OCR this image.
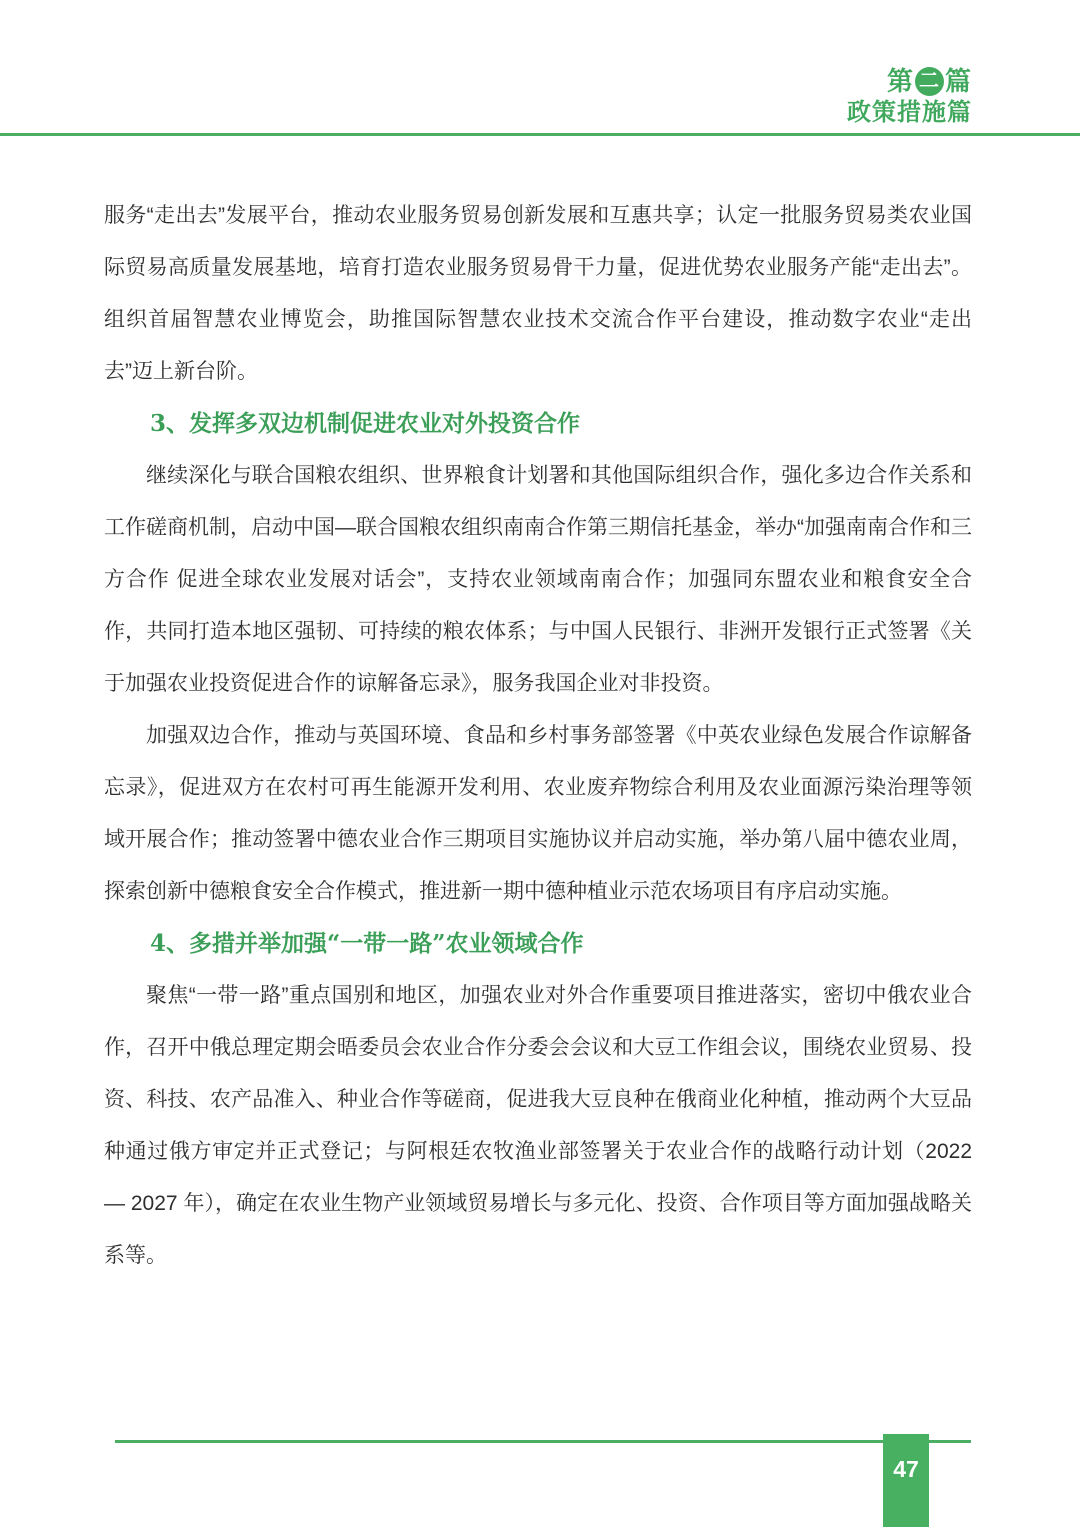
第 二 篇
政策措施篇

服务“走出去”发展平台，推动农业服务贸易创新发展和互惠共享；认定一批服务贸易类农业国际贸易高质量发展基地，培育打造农业服务贸易骨干力量，促进优势农业服务产能“走出去”。组织首届智慧农业博览会，助推国际智慧农业技术交流合作平台建设，推动数字农业“走出去”迈上新台阶。

3、发挥多双边机制促进农业对外投资合作

继续深化与联合国粮农组织、世界粮食计划署和其他国际组织合作，强化多边合作关系和工作磋商机制，启动中国—联合国粮农组织南南合作第三期信托基金，举办“加强南南合作和三方合作 促进全球农业发展对话会”，支持农业领域南南合作；加强同东盟农业和粮食安全合作，共同打造本地区强韧、可持续的粮农体系；与中国人民银行、非洲开发银行正式签署《关于加强农业投资促进合作的谅解备忘录》，服务我国企业对非投资。

加强双边合作，推动与英国环境、食品和乡村事务部签署《中英农业绿色发展合作谅解备忘录》，促进双方在农村可再生能源开发利用、农业废弃物综合利用及农业面源污染治理等领域开展合作；推动签署中德农业合作三期项目实施协议并启动实施，举办第八届中德农业周，探索创新中德粮食安全合作模式，推进新一期中德种植业示范农场项目有序启动实施。

4、多措并举加强“一带一路”农业领域合作

聚焦“一带一路”重点国别和地区，加强农业对外合作重要项目推进落实，密切中俄农业合作，召开中俄总理定期会晤委员会农业合作分委会会议和大豆工作组会议，围绕农业贸易、投资、科技、农产品准入、种业合作等磋商，促进我大豆良种在俄商业化种植，推动两个大豆品种通过俄方审定并正式登记；与阿根廷农牧渔业部签署关于农业合作的战略行动计划（2022 — 2027 年），确定在农业生物产业领域贸易增长与多元化、投资、合作项目等方面加强战略关系等。

47
